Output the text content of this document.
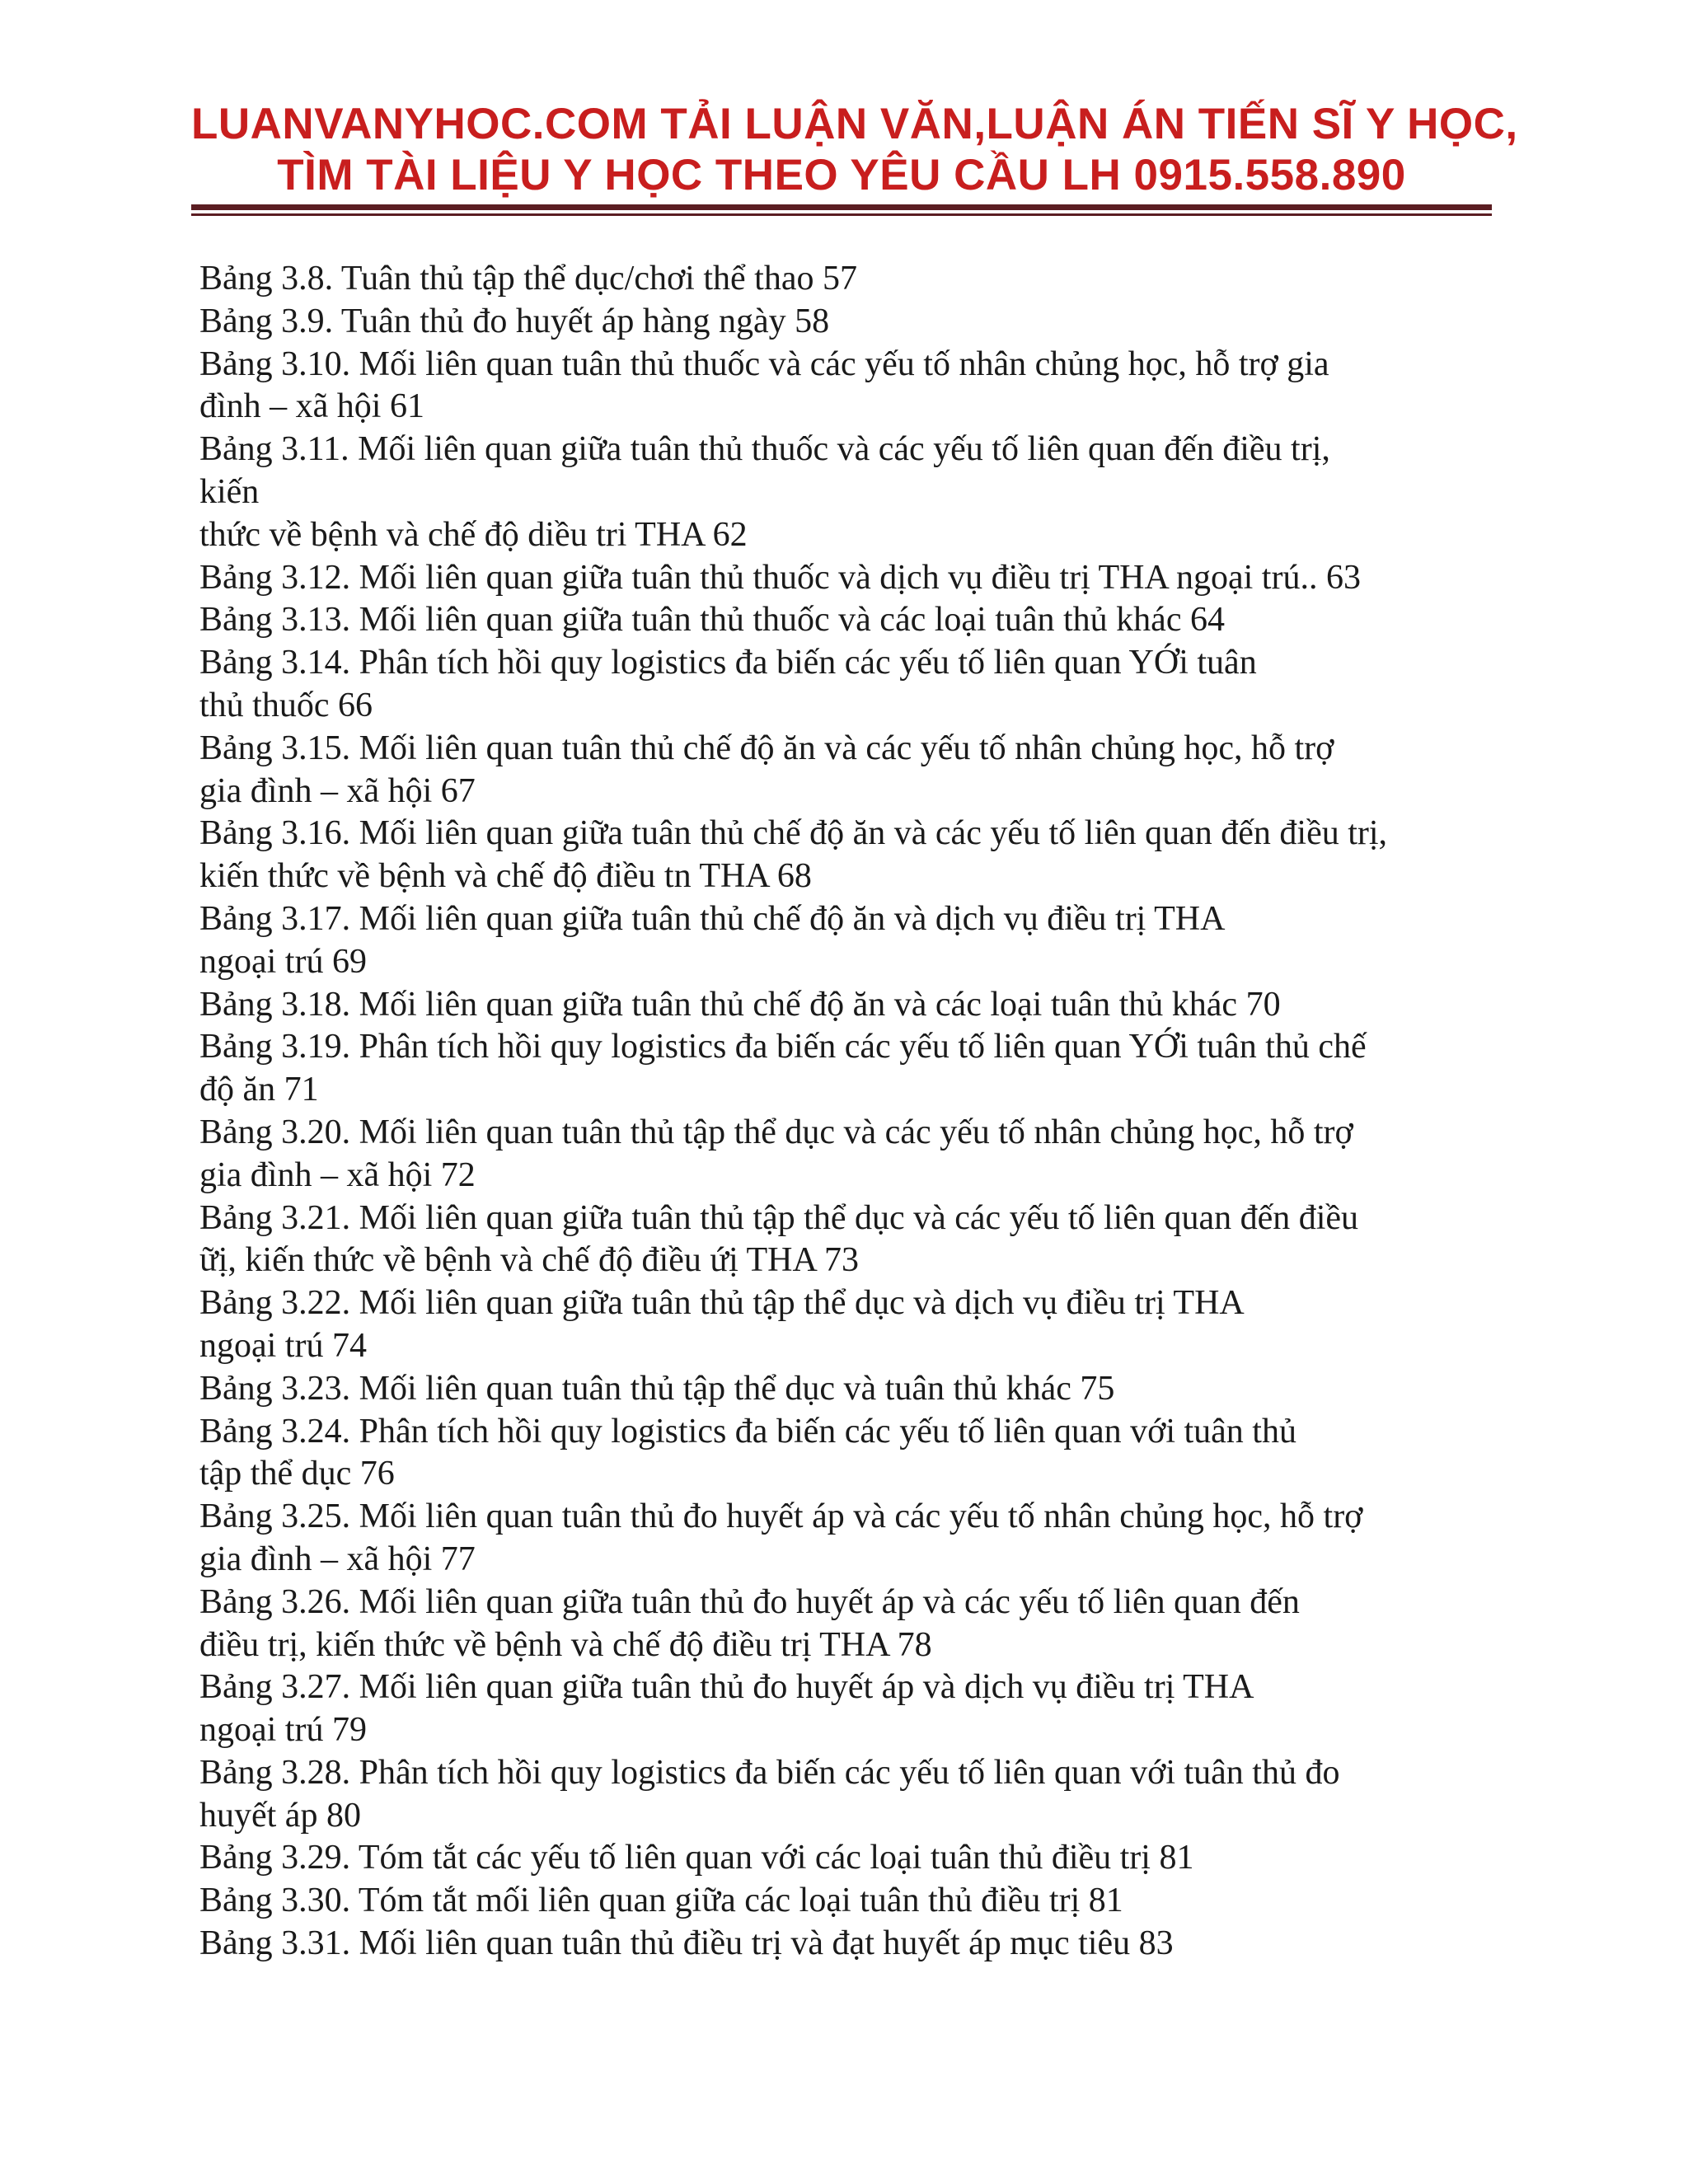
LUANVANYHOC.COM TẢI LUẬN VĂN,LUẬN ÁN TIẾN SĨ Y HỌC,
TÌM TÀI LIỆU Y HỌC THEO YÊU CẦU LH 0915.558.890
Bảng 3.8. Tuân thủ tập thể dục/chơi thể thao 57
Bảng 3.9. Tuân thủ đo huyết áp hàng ngày 58
Bảng 3.10. Mối liên quan tuân thủ thuốc và các yếu tố nhân chủng học, hỗ trợ gia
đình – xã hội 61
Bảng 3.11. Mối liên quan giữa tuân thủ thuốc và các yếu tố liên quan đến điều trị,
kiến
thức về bệnh và chế độ diều tri THA 62
Bảng 3.12. Mối liên quan giữa tuân thủ thuốc và dịch vụ điều trị THA ngoại trú.. 63
Bảng 3.13. Mối liên quan giữa tuân thủ thuốc và các loại tuân thủ khác 64
Bảng 3.14. Phân tích hồi quy logistics đa biến các yếu tố liên quan YỚi tuân
thủ thuốc 66
Bảng 3.15. Mối liên quan tuân thủ chế độ ăn và các yếu tố nhân chủng học, hỗ trợ
gia đình – xã hội 67
Bảng 3.16. Mối liên quan giữa tuân thủ chế độ ăn và các yếu tố liên quan đến điều trị,
kiến thức về bệnh và chế độ điều tn THA 68
Bảng 3.17. Mối liên quan giữa tuân thủ chế độ ăn và dịch vụ điều trị THA
ngoại trú 69
Bảng 3.18. Mối liên quan giữa tuân thủ chế độ ăn và các loại tuân thủ khác 70
Bảng 3.19. Phân tích hồi quy logistics đa biến các yếu tố liên quan YỚi tuân thủ chế
độ ăn 71
Bảng 3.20. Mối liên quan tuân thủ tập thể dục và các yếu tố nhân chủng học, hỗ trợ
gia đình – xã hội 72
Bảng 3.21. Mối liên quan giữa tuân thủ tập thể dục và các yếu tố liên quan đến điều
ữị, kiến thức về bệnh và chế độ điều ứị THA 73
Bảng 3.22. Mối liên quan giữa tuân thủ tập thể dục và dịch vụ điều trị THA
ngoại trú 74
Bảng 3.23. Mối liên quan tuân thủ tập thể dục và tuân thủ khác 75
Bảng 3.24. Phân tích hồi quy logistics đa biến các yếu tố liên quan với tuân thủ
tập thể dục 76
Bảng 3.25. Mối liên quan tuân thủ đo huyết áp và các yếu tố nhân chủng học, hỗ trợ
gia đình – xã hội 77
Bảng 3.26. Mối liên quan giữa tuân thủ đo huyết áp và các yếu tố liên quan đến
điều trị, kiến thức về bệnh và chế độ điều trị THA 78
Bảng 3.27. Mối liên quan giữa tuân thủ đo huyết áp và dịch vụ điều trị THA
ngoại trú 79
Bảng 3.28. Phân tích hồi quy logistics đa biến các yếu tố liên quan với tuân thủ đo
huyết áp 80
Bảng 3.29. Tóm tắt các yếu tố liên quan với các loại tuân thủ điều trị 81
Bảng 3.30. Tóm tắt mối liên quan giữa các loại tuân thủ điều trị 81
Bảng 3.31. Mối liên quan tuân thủ điều trị và đạt huyết áp mục tiêu 83
